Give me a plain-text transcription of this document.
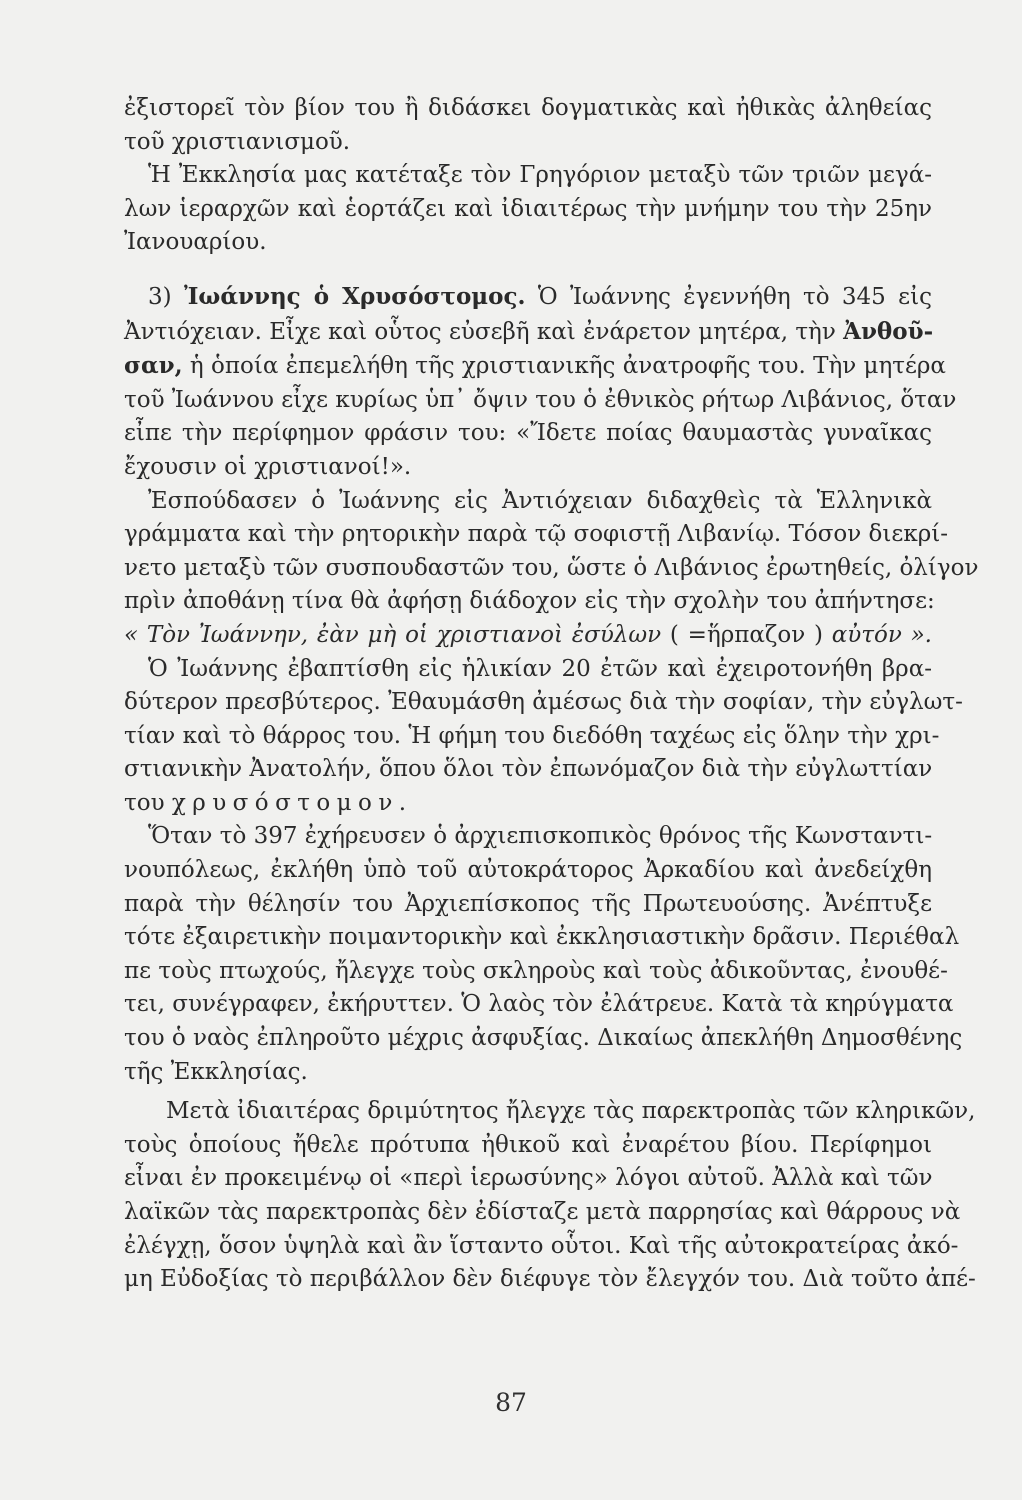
ἐξιστορεῖ τὸν βίον του ἢ διδάσκει δογματικὰς καὶ ἠθικὰς ἀληθείας
τοῦ χριστιανισμοῦ.
Ἡ Ἐκκλησία μας κατέταξε τὸν Γρηγόριον μεταξὺ τῶν τριῶν μεγά-
λων ἱεραρχῶν καὶ ἑορτάζει καὶ ἰδιαιτέρως τὴν μνήμην του τὴν 25ην
Ἰανουαρίου.
3) Ἰωάννης ὁ Χρυσόστομος. Ὁ Ἰωάννης ἐγεννήθη τὸ 345 εἰς
Ἀντιόχειαν. Εἶχε καὶ οὗτος εὐσεβῆ καὶ ἐνάρετον μητέρα, τὴν Ἀνθοῦ-
σαν, ἡ ὁποία ἐπεμελήθη τῆς χριστιανικῆς ἀνατροφῆς του. Τὴν μητέρα
τοῦ Ἰωάννου εἶχε κυρίως ὑπ᾽ ὄψιν του ὁ ἐθνικὸς ρήτωρ Λιβάνιος, ὅταν
εἶπε τὴν περίφημον φράσιν του: «Ἴδετε ποίας θαυμαστὰς γυναῖκας
ἔχουσιν οἱ χριστιανοί!».
Ἐσπούδασεν ὁ Ἰωάννης εἰς Ἀντιόχειαν διδαχθεὶς τὰ Ἑλληνικὰ
γράμματα καὶ τὴν ρητορικὴν παρὰ τῷ σοφιστῇ Λιβανίῳ. Τόσον διεκρί-
νετο μεταξὺ τῶν συσπουδαστῶν του, ὥστε ὁ Λιβάνιος ἐρωτηθείς, ὀλίγον
πρὶν ἀποθάνῃ τίνα θὰ ἀφήσῃ διάδοχον εἰς τὴν σχολὴν του ἀπήντησε:
« Τὸν Ἰωάννην, ἐὰν μὴ οἱ χριστιανοὶ ἐσύλων ( =ἥρπαζον ) αὐτόν ».
Ὁ Ἰωάννης ἐβαπτίσθη εἰς ἡλικίαν 20 ἐτῶν καὶ ἐχειροτονήθη βρα-
δύτερον πρεσβύτερος. Ἐθαυμάσθη ἀμέσως διὰ τὴν σοφίαν, τὴν εὐγλωτ-
τίαν καὶ τὸ θάρρος του. Ἡ φήμη του διεδόθη ταχέως εἰς ὅλην τὴν χρι-
στιανικὴν Ἀνατολήν, ὅπου ὅλοι τὸν ἐπωνόμαζον διὰ τὴν εὐγλωττίαν
του χρυσόστομον.
Ὅταν τὸ 397 ἐχήρευσεν ὁ ἀρχιεπισκοπικὸς θρόνος τῆς Κωνσταντι-
νουπόλεως, ἐκλήθη ὑπὸ τοῦ αὐτοκράτορος Ἀρκαδίου καὶ ἀνεδείχθη
παρὰ τὴν θέλησίν του Ἀρχιεπίσκοπος τῆς Πρωτευούσης. Ἀνέπτυξε
τότε ἐξαιρετικὴν ποιμαντορικὴν καὶ ἐκκλησιαστικὴν δρᾶσιν. Περιέθαλ
πε τοὺς πτωχούς, ἤλεγχε τοὺς σκληροὺς καὶ τοὺς ἀδικοῦντας, ἐνουθέ-
τει, συνέγραφεν, ἐκήρυττεν. Ὁ λαὸς τὸν ἐλάτρευε. Κατὰ τὰ κηρύγματα
του ὁ ναὸς ἐπληροῦτο μέχρις ἀσφυξίας. Δικαίως ἀπεκλήθη Δημοσθένης
τῆς Ἐκκλησίας.
Μετὰ ἰδιαιτέρας δριμύτητος ἤλεγχε τὰς παρεκτροπὰς τῶν κληρικῶν,
τοὺς ὁποίους ἤθελε πρότυπα ἠθικοῦ καὶ ἐναρέτου βίου. Περίφημοι
εἶναι ἐν προκειμένῳ οἱ «περὶ ἱερωσύνης» λόγοι αὐτοῦ. Ἀλλὰ καὶ τῶν
λαϊκῶν τὰς παρεκτροπὰς δὲν ἐδίσταζε μετὰ παρρησίας καὶ θάρρους νὰ
ἐλέγχῃ, ὅσον ὑψηλὰ καὶ ἂν ἵσταντο οὗτοι. Καὶ τῆς αὐτοκρατείρας ἀκό-
μη Εὐδοξίας τὸ περιβάλλον δὲν διέφυγε τὸν ἔλεγχόν του. Διὰ τοῦτο ἀπέ-
87
